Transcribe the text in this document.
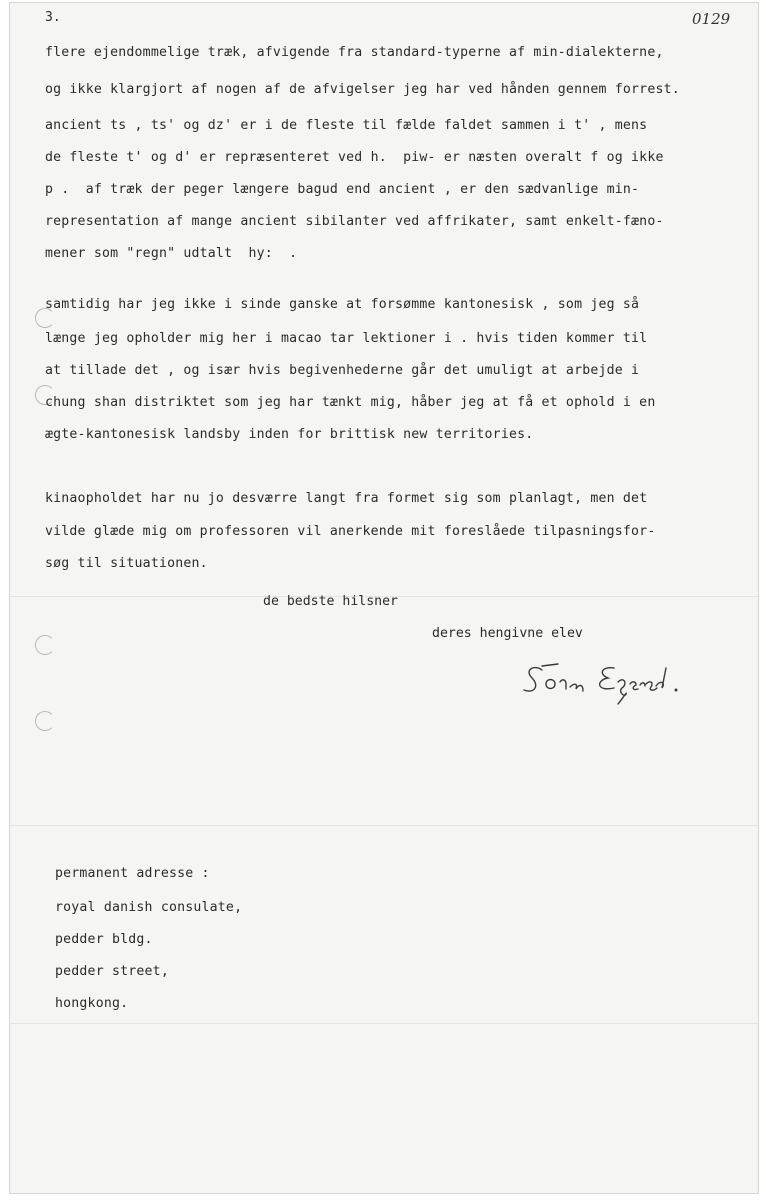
3.	0129
flere ejendommelige træk, afvigende fra standard-typerne af min-dialekterne,
og ikke klargjort af nogen af de afvigelser jeg har ved hånden gennem forrest.
ancient ts , ts' og dz' er i de fleste til fælde faldet sammen i t' , mens
de fleste t' og d' er repræsenteret ved h.  piw- er næsten overalt f og ikke
p .  af træk der peger længere bagud end ancient , er den sædvanlige min-
representation af mange ancient sibilanter ved affrikater, samt enkelt-fæno-
mener som "regn" udtalt  hy:  .
samtidig har jeg ikke i sinde ganske at forsømme kantonesisk , som jeg så
længe jeg opholder mig her i macao tar lektioner i . hvis tiden kommer til
at tillade det , og især hvis begivenhederne går det umuligt at arbejde i
chung shan distriktet som jeg har tænkt mig, håber jeg at få et ophold i en
ægte-kantonesisk landsby inden for brittisk new territories.
kinaopholdet har nu jo desværre langt fra formet sig som planlagt, men det
vilde glæde mig om professoren vil anerkende mit foreslåede tilpasningsfor-
søg til situationen.
de bedste hilsner
deres hengivne elev
permanent adresse :
royal danish consulate,
pedder bldg.
pedder street,
hongkong.
